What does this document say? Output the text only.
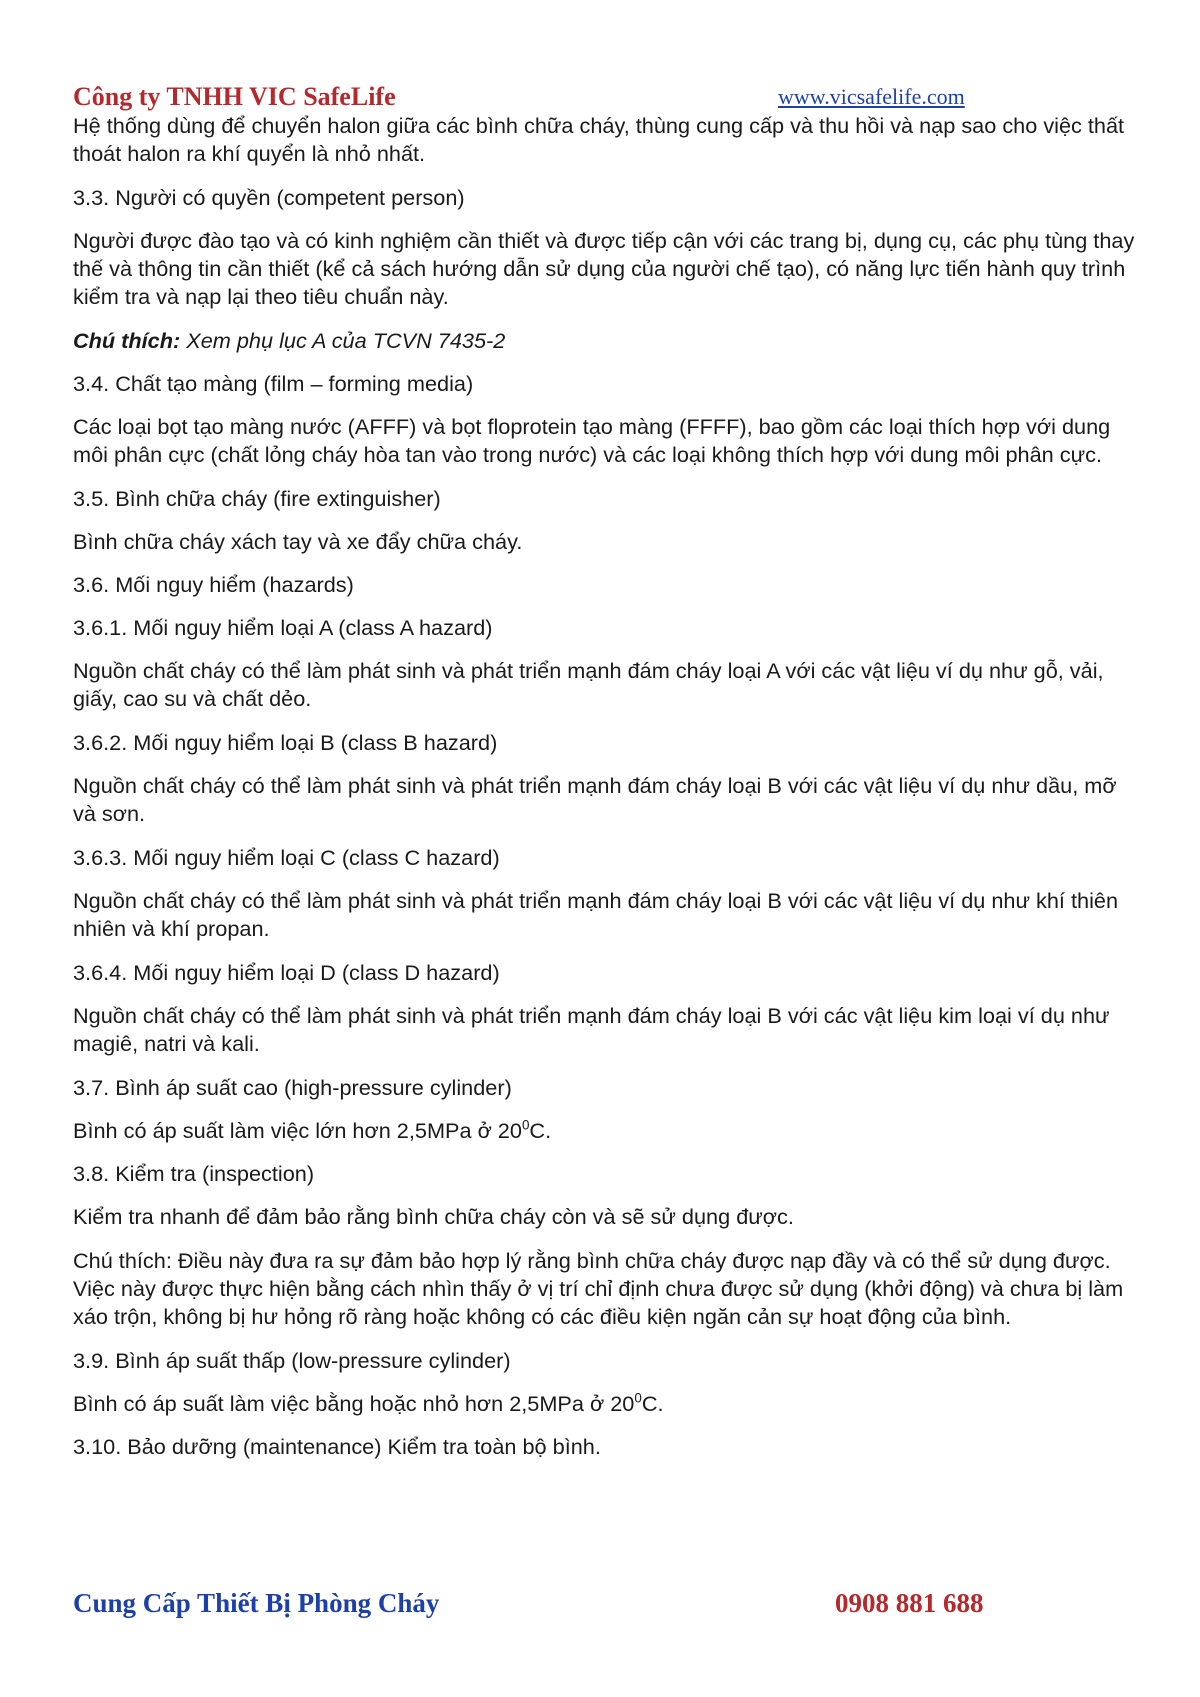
Công ty TNHH VIC SafeLife	www.vicsafelife.com

Hệ thống dùng để chuyển halon giữa các bình chữa cháy, thùng cung cấp và thu hồi và nạp sao cho việc thất thoát halon ra khí quyển là nhỏ nhất.

3.3. Người có quyền (competent person)

Người được đào tạo và có kinh nghiệm cần thiết và được tiếp cận với các trang bị, dụng cụ, các phụ tùng thay thế và thông tin cần thiết (kể cả sách hướng dẫn sử dụng của người chế tạo), có năng lực tiến hành quy trình kiểm tra và nạp lại theo tiêu chuẩn này.

Chú thích: Xem phụ lục A của TCVN 7435-2

3.4. Chất tạo màng (film – forming media)

Các loại bọt tạo màng nước (AFFF) và bọt floprotein tạo màng (FFFF), bao gồm các loại thích hợp với dung môi phân cực (chất lỏng cháy hòa tan vào trong nước) và các loại không thích hợp với dung môi phân cực.

3.5. Bình chữa cháy (fire extinguisher)

Bình chữa cháy xách tay và xe đẩy chữa cháy.

3.6. Mối nguy hiểm (hazards)

3.6.1. Mối nguy hiểm loại A (class A hazard)

Nguồn chất cháy có thể làm phát sinh và phát triển mạnh đám cháy loại A với các vật liệu ví dụ như gỗ, vải, giấy, cao su và chất dẻo.

3.6.2. Mối nguy hiểm loại B (class B hazard)

Nguồn chất cháy có thể làm phát sinh và phát triển mạnh đám cháy loại B với các vật liệu ví dụ như dầu, mỡ và sơn.

3.6.3. Mối nguy hiểm loại C (class C hazard)

Nguồn chất cháy có thể làm phát sinh và phát triển mạnh đám cháy loại B với các vật liệu ví dụ như khí thiên nhiên và khí propan.

3.6.4. Mối nguy hiểm loại D (class D hazard)

Nguồn chất cháy có thể làm phát sinh và phát triển mạnh đám cháy loại B với các vật liệu kim loại ví dụ như magiê, natri và kali.

3.7. Bình áp suất cao (high-pressure cylinder)

Bình có áp suất làm việc lớn hơn 2,5MPa ở $20^0C$.

3.8. Kiểm tra (inspection)

Kiểm tra nhanh để đảm bảo rằng bình chữa cháy còn và sẽ sử dụng được.

Chú thích: Điều này đưa ra sự đảm bảo hợp lý rằng bình chữa cháy được nạp đầy và có thể sử dụng được. Việc này được thực hiện bằng cách nhìn thấy ở vị trí chỉ định chưa được sử dụng (khởi động) và chưa bị làm xáo trộn, không bị hư hỏng rõ ràng hoặc không có các điều kiện ngăn cản sự hoạt động của bình.

3.9. Bình áp suất thấp (low-pressure cylinder)

Bình có áp suất làm việc bằng hoặc nhỏ hơn 2,5MPa ở $20^0C$.

3.10. Bảo dưỡng (maintenance) Kiểm tra toàn bộ bình.

Cung Cấp Thiết Bị Phòng Cháy	0908 881 688
